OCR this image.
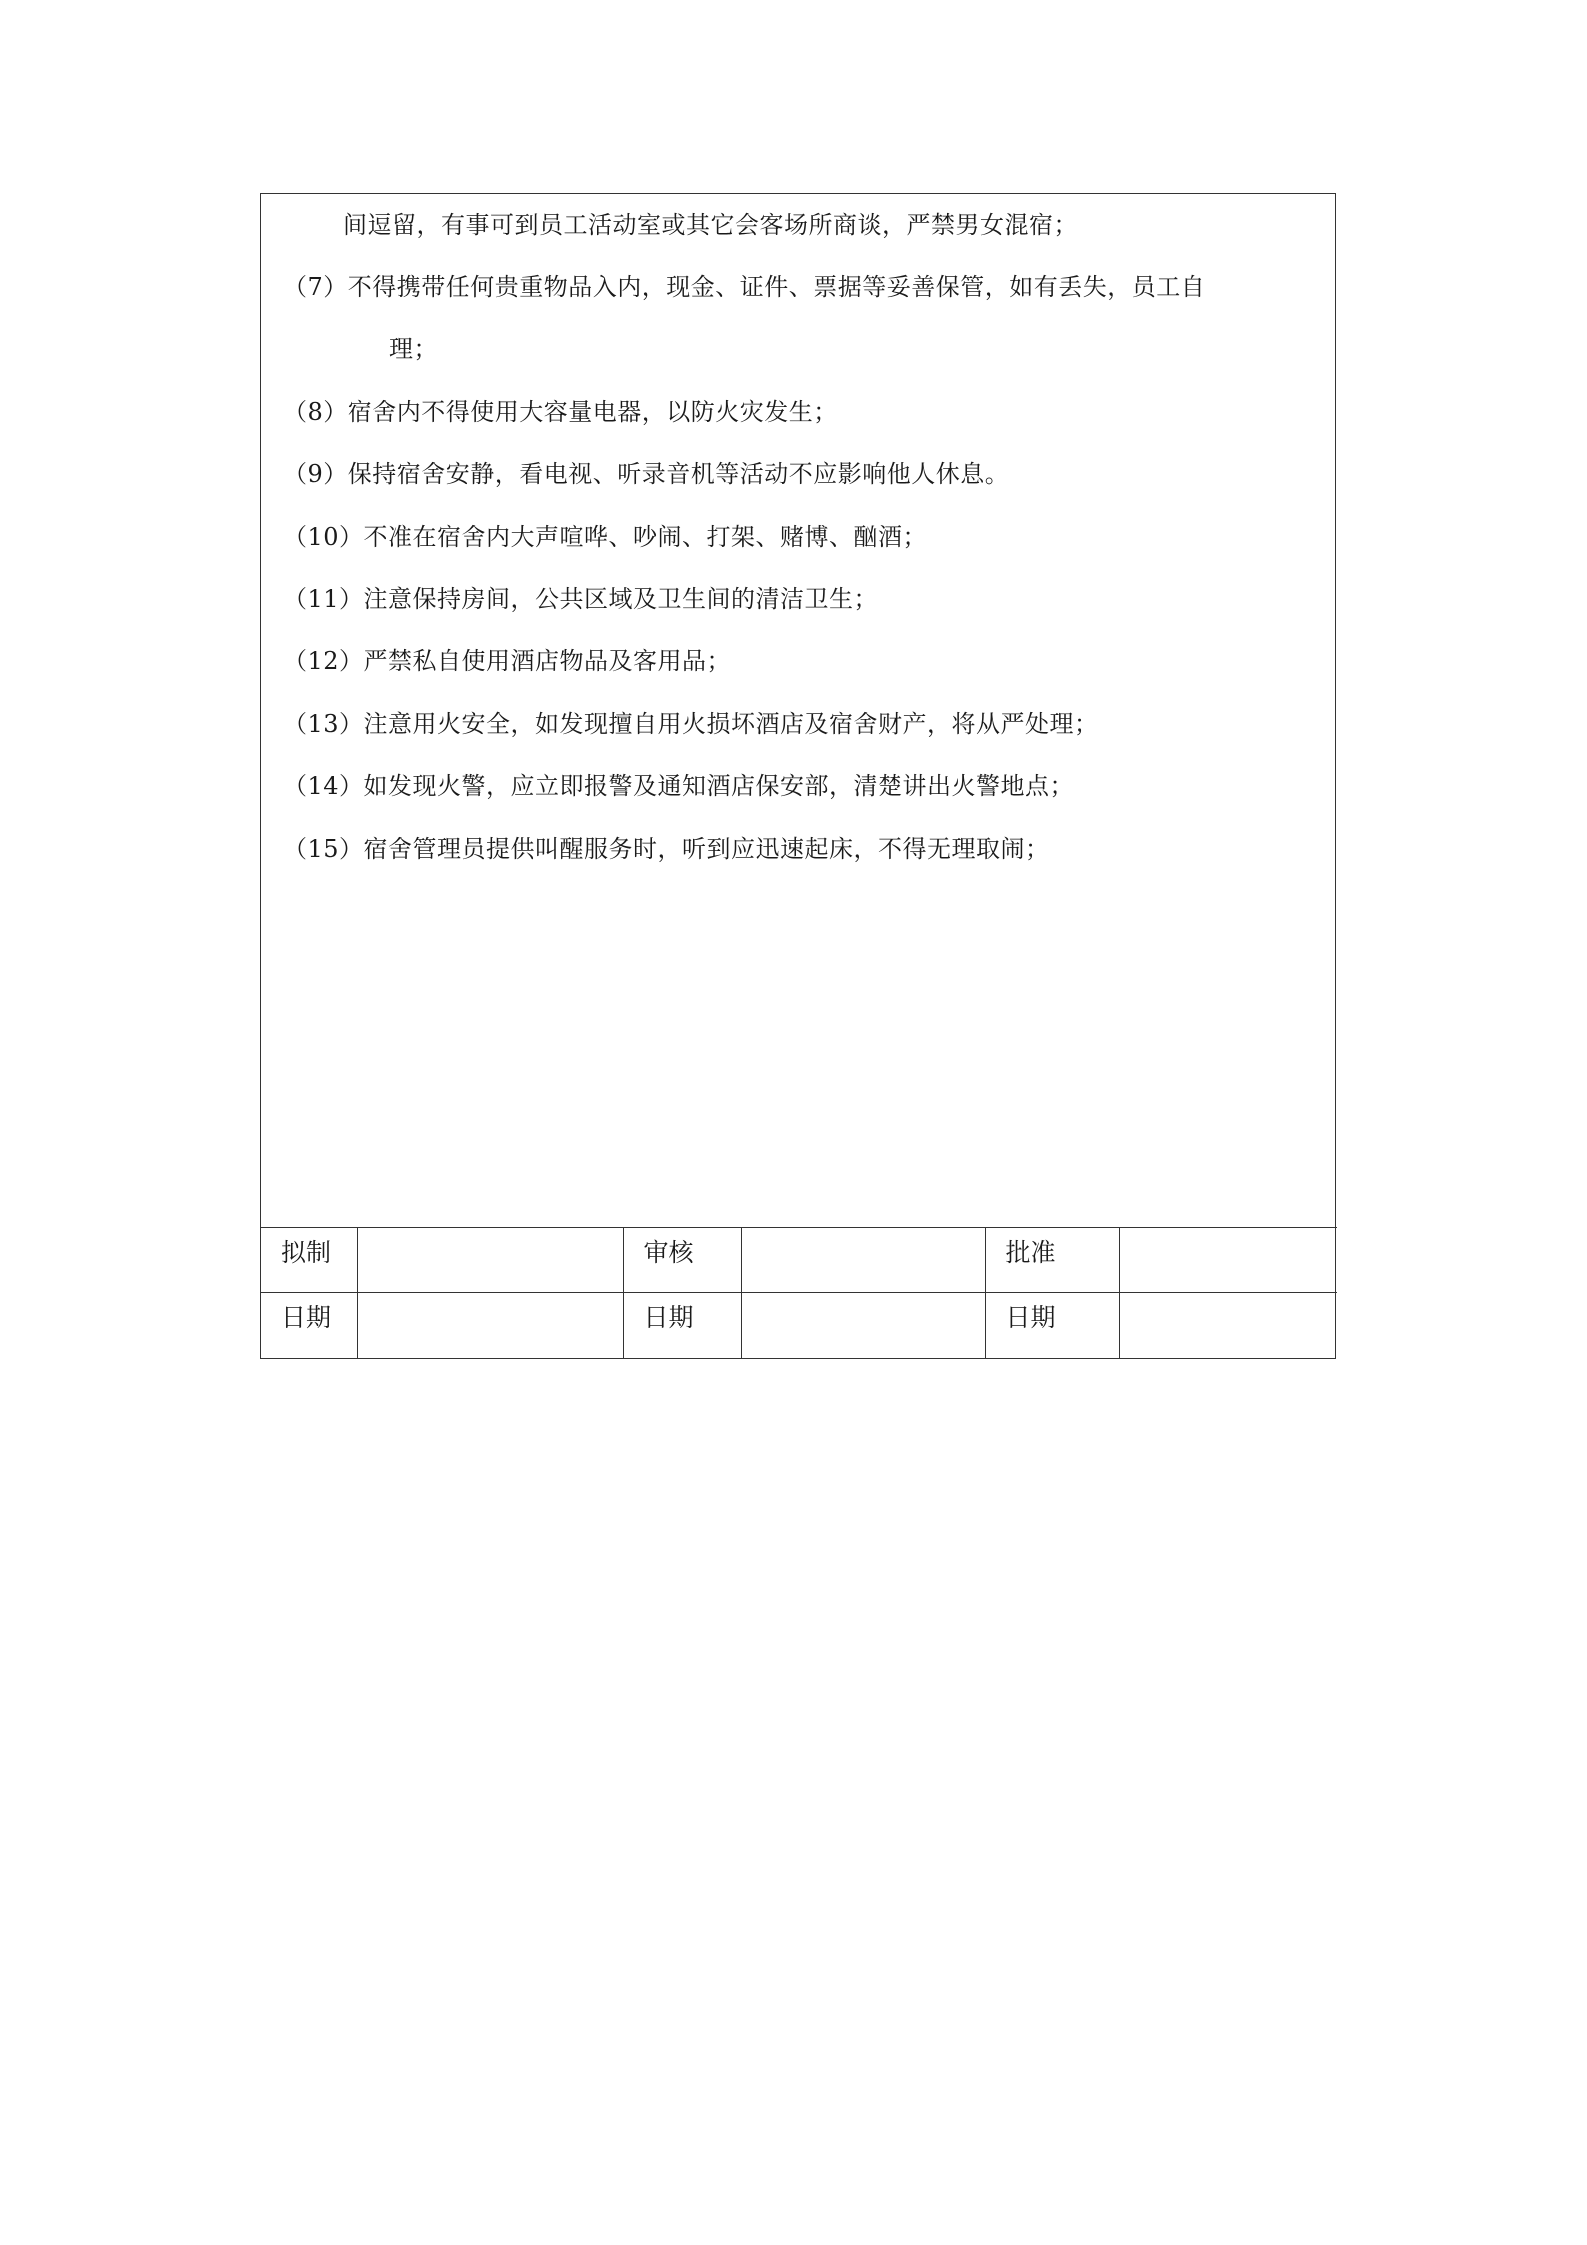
间逗留，有事可到员工活动室或其它会客场所商谈，严禁男女混宿；
（7）不得携带任何贵重物品入内，现金、证件、票据等妥善保管，如有丢失，员工自
理；
（8）宿舍内不得使用大容量电器，以防火灾发生；
（9）保持宿舍安静，看电视、听录音机等活动不应影响他人休息。
（10）不准在宿舍内大声喧哗、吵闹、打架、赌博、酗酒；
（11）注意保持房间，公共区域及卫生间的清洁卫生；
（12）严禁私自使用酒店物品及客用品；
（13）注意用火安全，如发现擅自用火损坏酒店及宿舍财产，将从严处理；
（14）如发现火警，应立即报警及通知酒店保安部，清楚讲出火警地点；
（15）宿舍管理员提供叫醒服务时，听到应迅速起床，不得无理取闹；
拟制		审核		批准	
日期		日期		日期	
